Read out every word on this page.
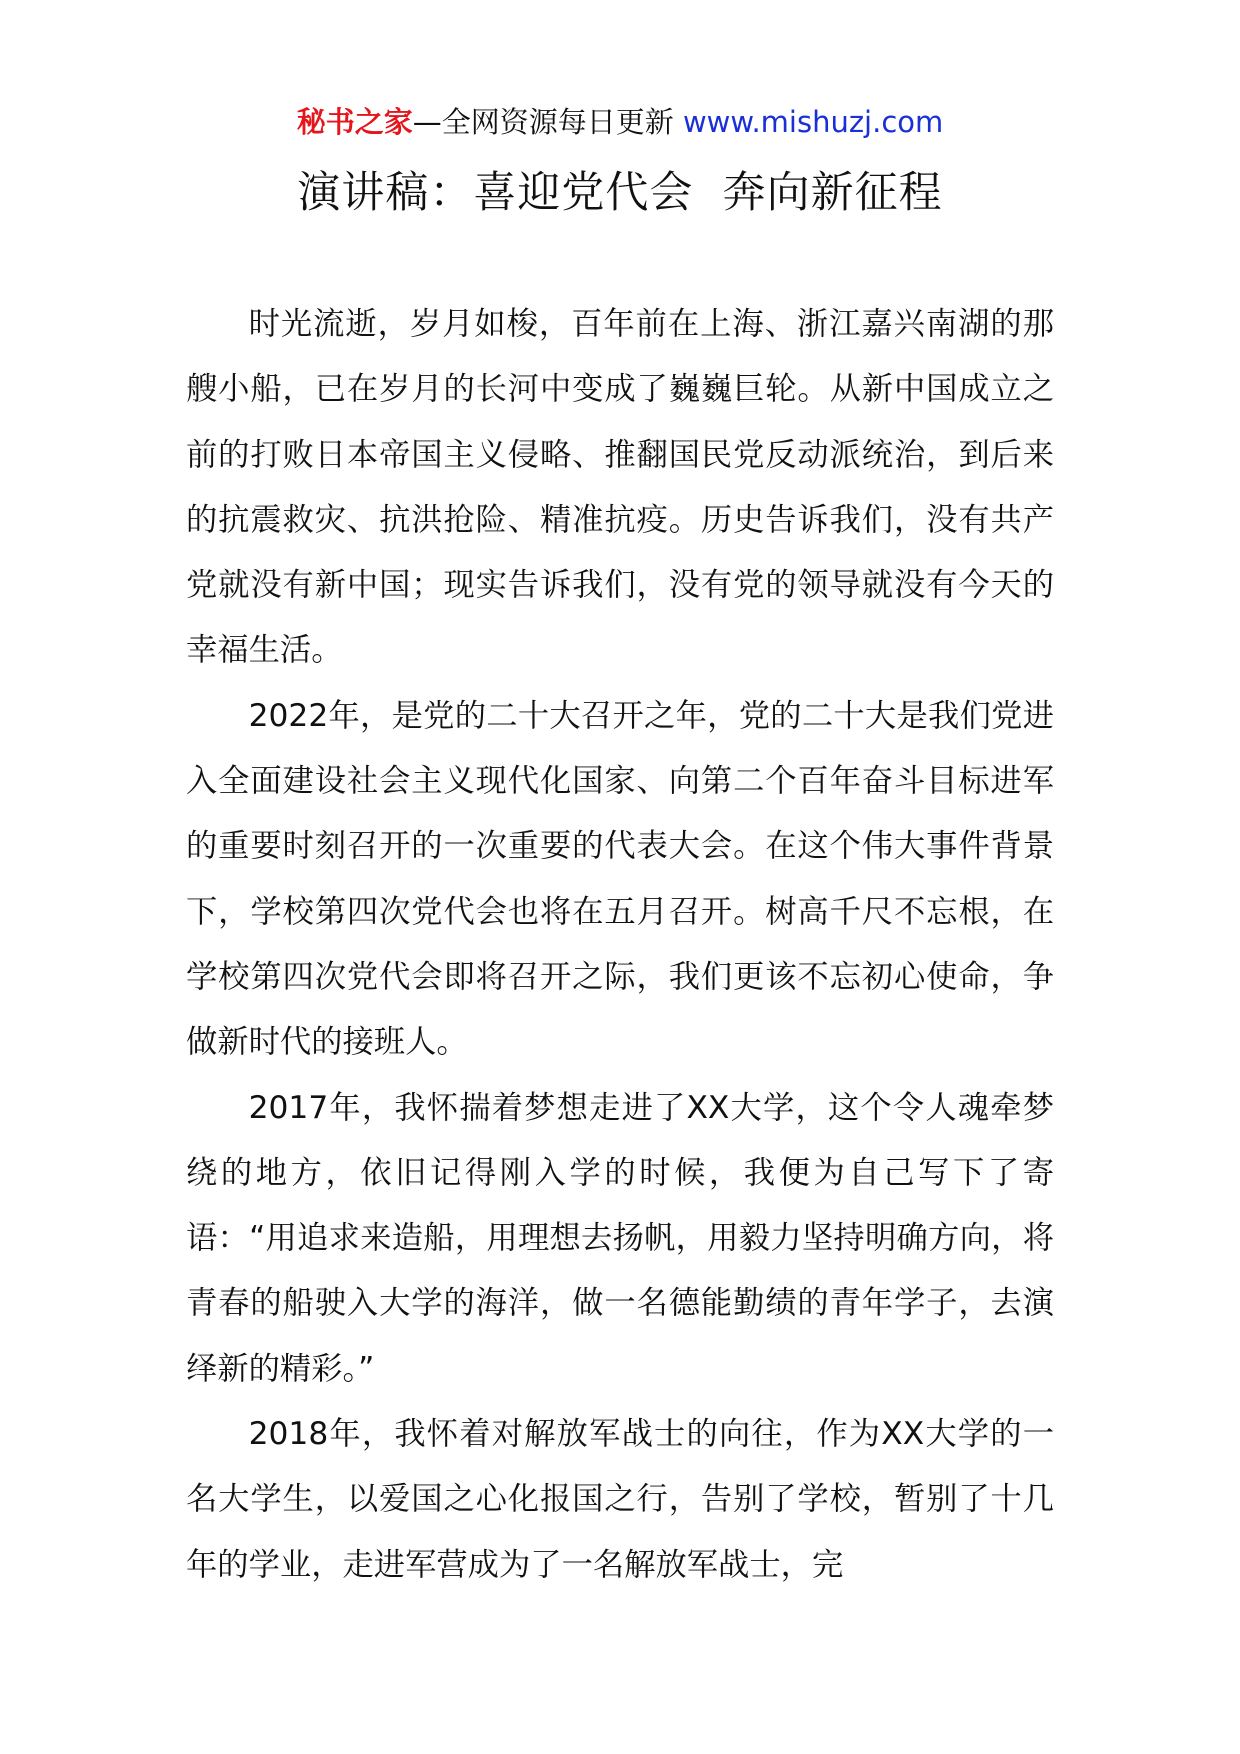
秘书之家—全网资源每日更新 www.mishuzj.com
演讲稿：喜迎党代会  奔向新征程

时光流逝，岁月如梭，百年前在上海、浙江嘉兴南湖的那艘小船，已在岁月的长河中变成了巍巍巨轮。从新中国成立之前的打败日本帝国主义侵略、推翻国民党反动派统治，到后来的抗震救灾、抗洪抢险、精准抗疫。历史告诉我们，没有共产党就没有新中国；现实告诉我们，没有党的领导就没有今天的幸福生活。

2022年，是党的二十大召开之年，党的二十大是我们党进入全面建设社会主义现代化国家、向第二个百年奋斗目标进军的重要时刻召开的一次重要的代表大会。在这个伟大事件背景下，学校第四次党代会也将在五月召开。树高千尺不忘根，在学校第四次党代会即将召开之际，我们更该不忘初心使命，争做新时代的接班人。

2017年，我怀揣着梦想走进了XX大学，这个令人魂牵梦绕的地方，依旧记得刚入学的时候，我便为自己写下了寄语：“用追求来造船，用理想去扬帆，用毅力坚持明确方向，将青春的船驶入大学的海洋，做一名德能勤绩的青年学子，去演绎新的精彩。”

2018年，我怀着对解放军战士的向往，作为XX大学的一名大学生，以爱国之心化报国之行，告别了学校，暂别了十几年的学业，走进军营成为了一名解放军战士，完
